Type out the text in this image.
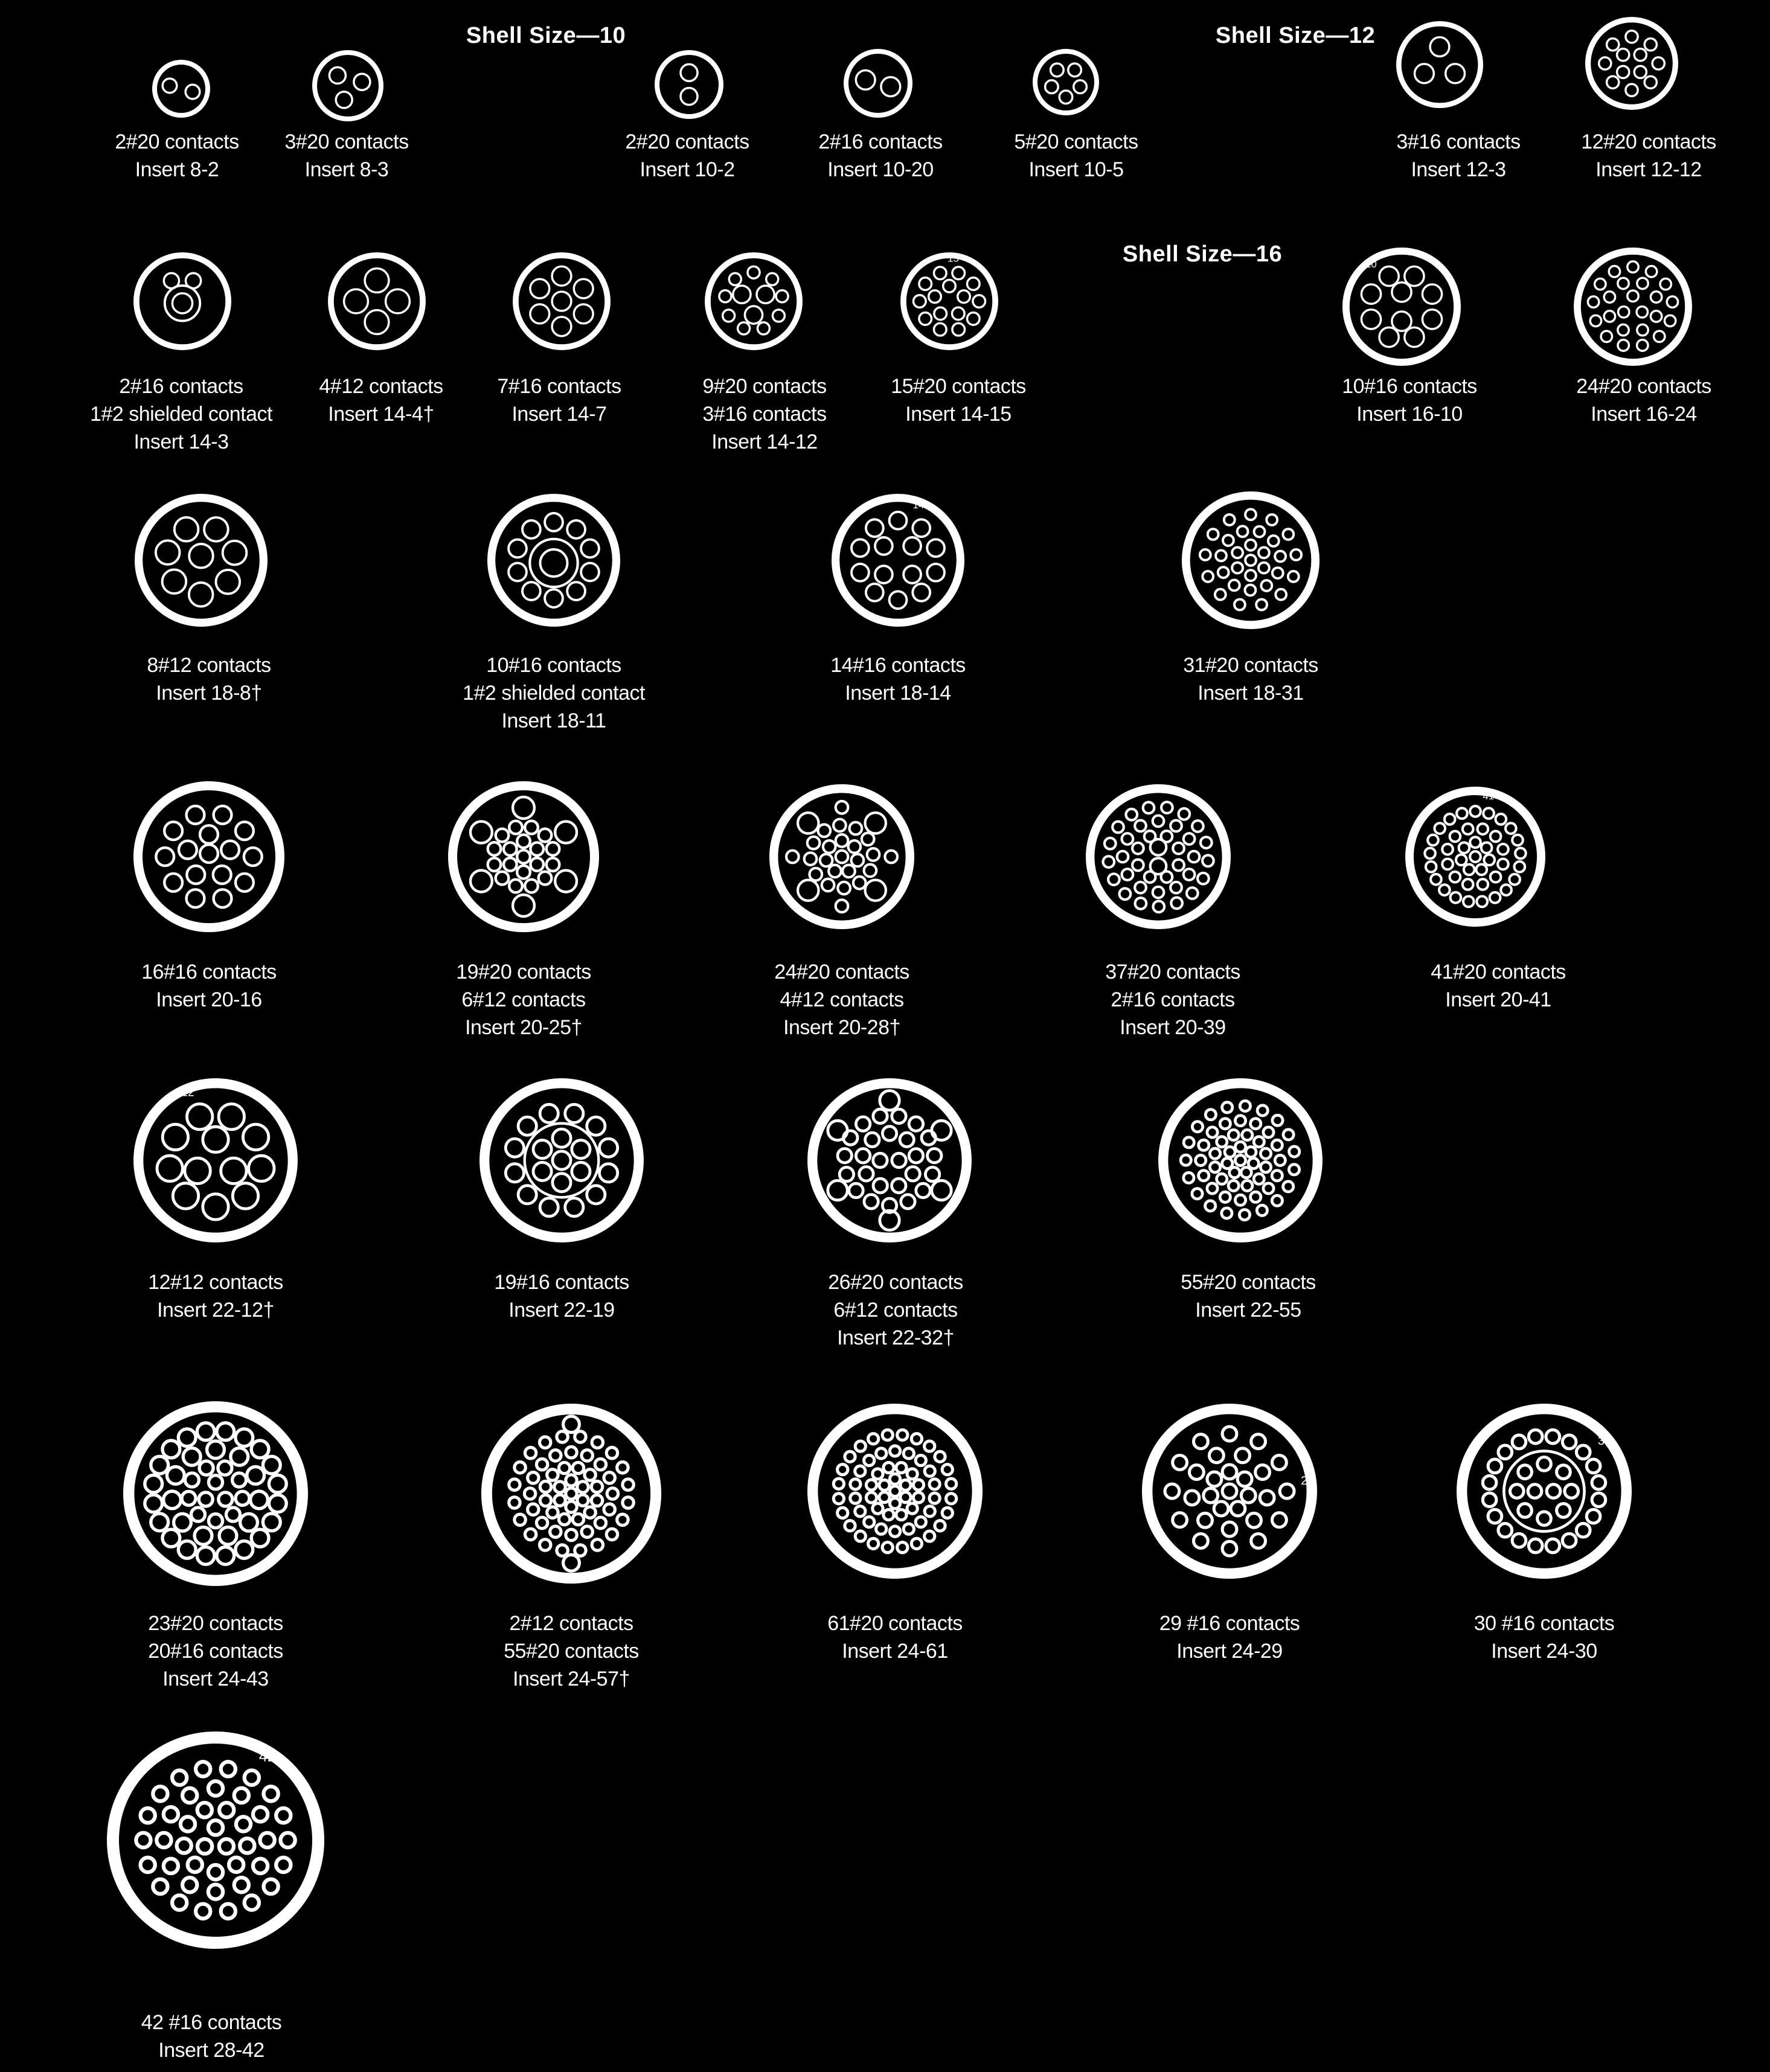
Shell Size—10	Shell Size—12
Shell Size—16
2#20 contacts
Insert 8-2
3#20 contacts
Insert 8-3
2#20 contacts
Insert 10-2
2#16 contacts
Insert 10-20
5#20 contacts
Insert 10-5
3#16 contacts
Insert 12-3
12#20 contacts
Insert 12-12
2#16 contacts
1#2 shielded contact
Insert 14-3
4#12 contacts
Insert 14-4†
7#16 contacts
Insert 14-7
9#20 contacts
3#16 contacts
Insert 14-12
15
15#20 contacts
Insert 14-15
10
10#16 contacts
Insert 16-10
24#20 contacts
Insert 16-24
8#12 contacts
Insert 18-8†
10#16 contacts
1#2 shielded contact
Insert 18-11
14
14#16 contacts
Insert 18-14
31#20 contacts
Insert 18-31
16#16 contacts
Insert 20-16
19#20 contacts
6#12 contacts
Insert 20-25†
24#20 contacts
4#12 contacts
Insert 20-28†
37#20 contacts
2#16 contacts
Insert 20-39
41
41#20 contacts
Insert 20-41
12
12#12 contacts
Insert 22-12†
19#16 contacts
Insert 22-19
26#20 contacts
6#12 contacts
Insert 22-32†
55#20 contacts
Insert 22-55
23#20 contacts
20#16 contacts
Insert 24-43
2#12 contacts
55#20 contacts
Insert 24-57†
61#20 contacts
Insert 24-61
29
29 #16 contacts
Insert 24-29
30
30 #16 contacts
Insert 24-30
42
42 #16 contacts
Insert 28-42
